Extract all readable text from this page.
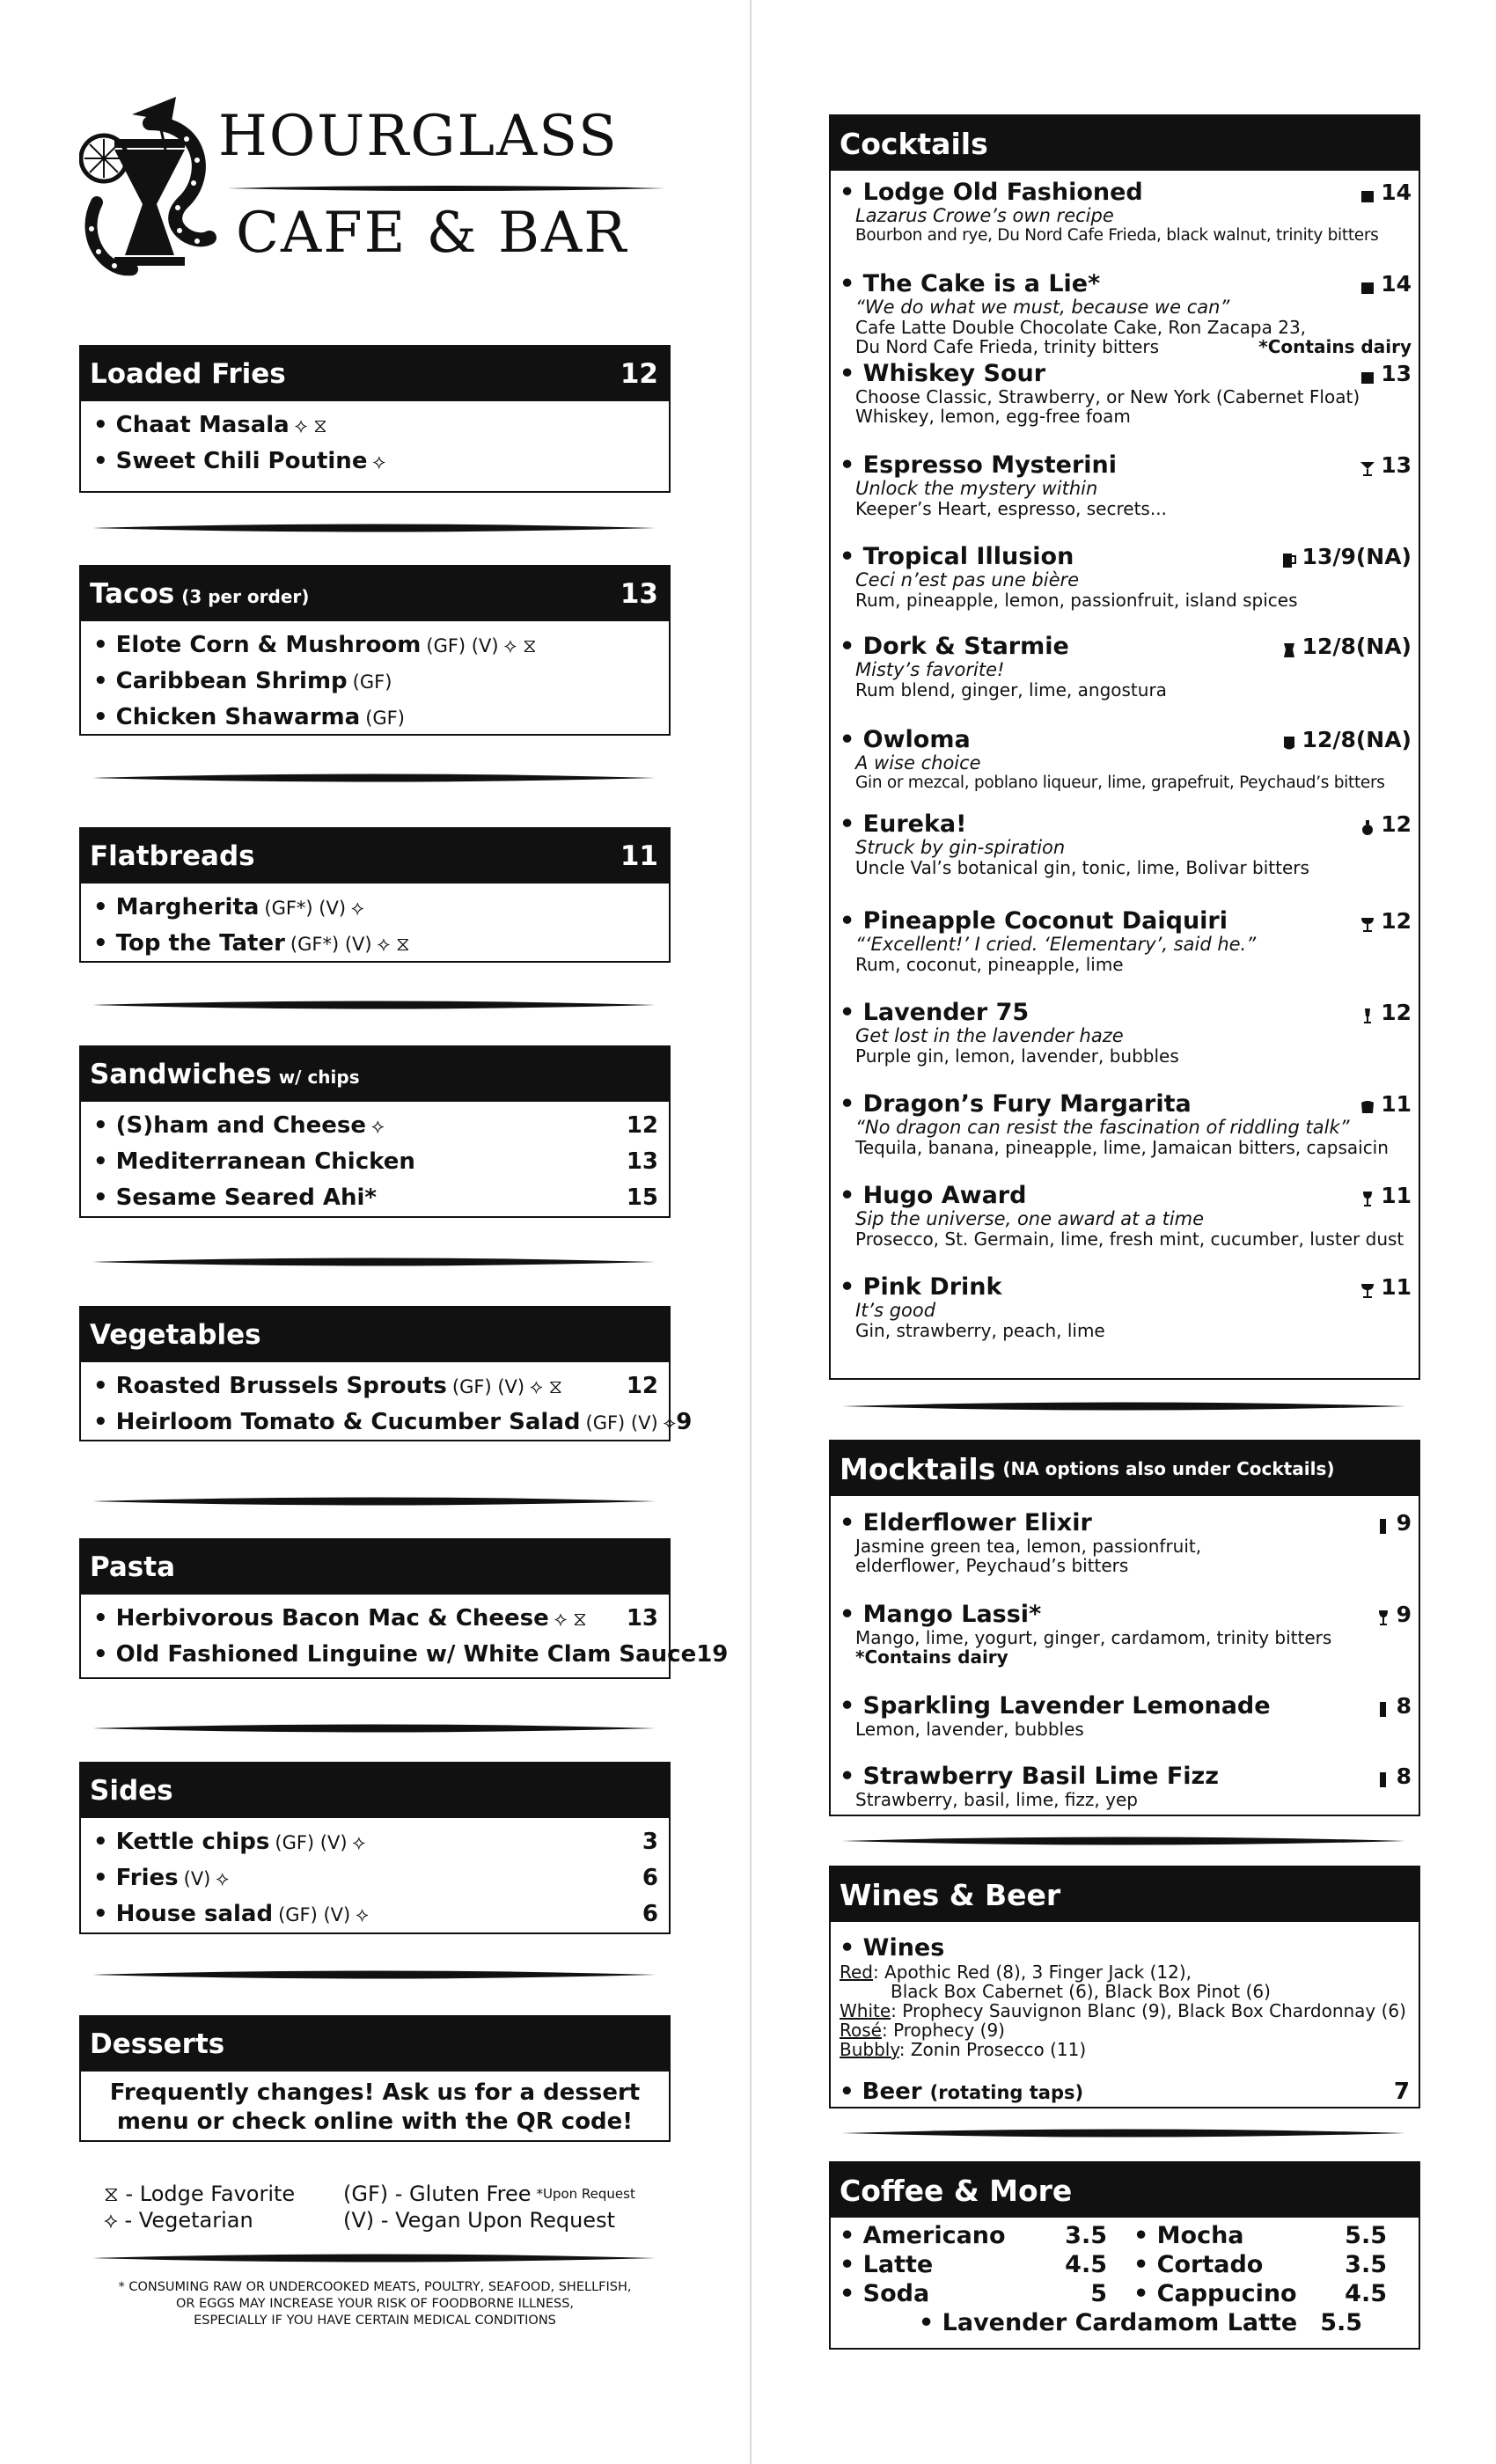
HOURGLASS
CAFE & BAR
Loaded Fries	12
• Chaat Masala ⟡ ⧖
• Sweet Chili Poutine ⟡
Tacos (3 per order)	13
• Elote Corn & Mushroom (GF) (V) ⟡ ⧖
• Caribbean Shrimp (GF)
• Chicken Shawarma (GF)
Flatbreads	11
• Margherita (GF*) (V) ⟡
• Top the Tater (GF*) (V) ⟡ ⧖
Sandwiches w/ chips
• (S)ham and Cheese ⟡	12
• Mediterranean Chicken	13
• Sesame Seared Ahi*	15
Vegetables
• Roasted Brussels Sprouts (GF) (V) ⟡ ⧖	12
• Heirloom Tomato & Cucumber Salad (GF) (V) ⟡ 9
Pasta
• Herbivorous Bacon Mac & Cheese ⟡ ⧖ 13
• Old Fashioned Linguine w/ White Clam Sauce 19
Sides
• Kettle chips (GF) (V) ⟡	3
• Fries (V) ⟡	6
• House salad (GF) (V) ⟡	6
Desserts
Frequently changes! Ask us for a dessert
menu or check online with the QR code!
⧖ - Lodge Favorite	(GF) - Gluten Free *Upon Request
⟡ - Vegetarian	(V) - Vegan Upon Request
* CONSUMING RAW OR UNDERCOOKED MEATS, POULTRY, SEAFOOD, SHELLFISH,
OR EGGS MAY INCREASE YOUR RISK OF FOODBORNE ILLNESS,
ESPECIALLY IF YOU HAVE CERTAIN MEDICAL CONDITIONS
Cocktails
• Lodge Old Fashioned	14
Lazarus Crowe’s own recipe
Bourbon and rye, Du Nord Cafe Frieda, black walnut, trinity bitters
• The Cake is a Lie*	14
“We do what we must, because we can”
Cafe Latte Double Chocolate Cake, Ron Zacapa 23,
Du Nord Cafe Frieda, trinity bitters	*Contains dairy
• Whiskey Sour	13
Choose Classic, Strawberry, or New York (Cabernet Float)
Whiskey, lemon, egg-free foam
• Espresso Mysterini	13
Unlock the mystery within
Keeper’s Heart, espresso, secrets...
• Tropical Illusion	13/9(NA)
Ceci n’est pas une bière
Rum, pineapple, lemon, passionfruit, island spices
• Dork & Starmie	12/8(NA)
Misty’s favorite!
Rum blend, ginger, lime, angostura
• Owloma	12/8(NA)
A wise choice
Gin or mezcal, poblano liqueur, lime, grapefruit, Peychaud’s bitters
• Eureka!	12
Struck by gin-spiration
Uncle Val’s botanical gin, tonic, lime, Bolivar bitters
• Pineapple Coconut Daiquiri	12
“‘Excellent!’ I cried. ‘Elementary’, said he.”
Rum, coconut, pineapple, lime
• Lavender 75	12
Get lost in the lavender haze
Purple gin, lemon, lavender, bubbles
• Dragon’s Fury Margarita	11
“No dragon can resist the fascination of riddling talk”
Tequila, banana, pineapple, lime, Jamaican bitters, capsaicin
• Hugo Award	11
Sip the universe, one award at a time
Prosecco, St. Germain, lime, fresh mint, cucumber, luster dust
• Pink Drink	11
It’s good
Gin, strawberry, peach, lime
Mocktails (NA options also under Cocktails)
• Elderflower Elixir	9
Jasmine green tea, lemon, passionfruit,
elderflower, Peychaud’s bitters
• Mango Lassi*	9
Mango, lime, yogurt, ginger, cardamom, trinity bitters
*Contains dairy
• Sparkling Lavender Lemonade	8
Lemon, lavender, bubbles
• Strawberry Basil Lime Fizz	8
Strawberry, basil, lime, fizz, yep
Wines & Beer
• Wines
Red: Apothic Red (8), 3 Finger Jack (12),
Black Box Cabernet (6), Black Box Pinot (6)
White: Prophecy Sauvignon Blanc (9), Black Box Chardonnay (6)
Rosé: Prophecy (9)
Bubbly: Zonin Prosecco (11)
• Beer (rotating taps)	7
Coffee & More
• Americano	3.5 • Mocha	5.5
• Latte	4.5 • Cortado	3.5
• Soda	5 • Cappucino 4.5
• Lavender Cardamom Latte 5.5
